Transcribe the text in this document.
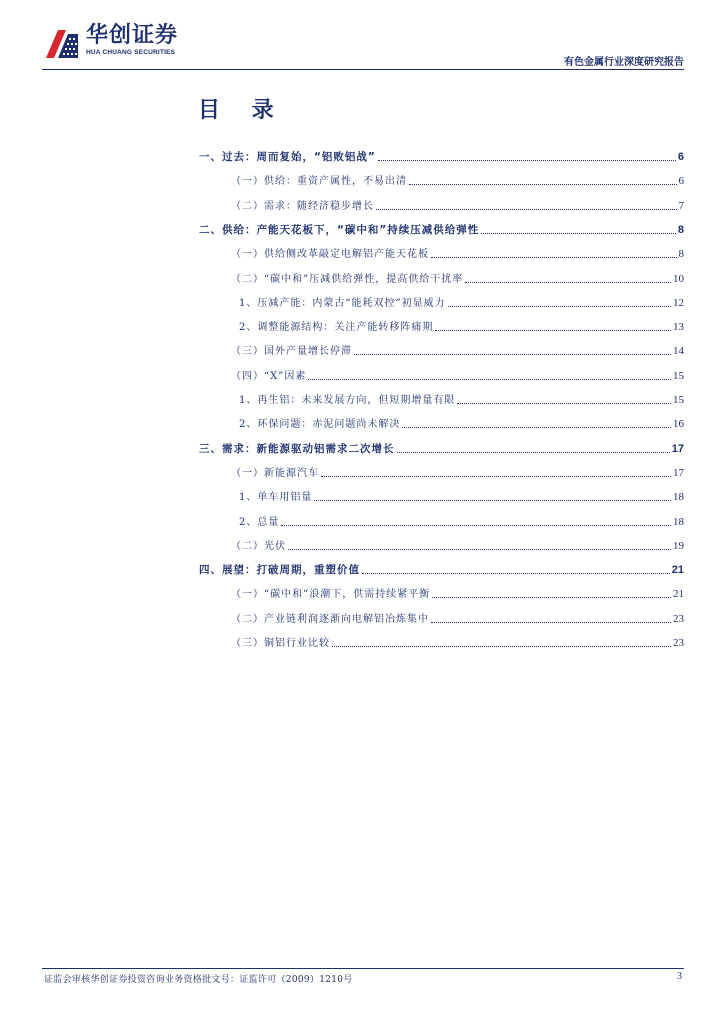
华创证券
HUA CHUANG SECURITIES
有色金属行业深度研究报告
目 录
一、过去：周而复始，“铝败铝战”	6
（一）供给：重资产属性，不易出清	6
（二）需求：随经济稳步增长	7
二、供给：产能天花板下，“碳中和”持续压减供给弹性	8
（一）供给侧改革敲定电解铝产能天花板	8
（二）“碳中和”压减供给弹性，提高供给干扰率	10
1、压减产能：内蒙古“能耗双控”初显威力	12
2、调整能源结构：关注产能转移阵痛期	13
（三）国外产量增长停滞	14
（四）“X”因素	15
1、再生铝：未来发展方向，但短期增量有限	15
2、环保问题：赤泥问题尚未解决	16
三、需求：新能源驱动铝需求二次增长	17
（一）新能源汽车	17
1、单车用铝量	18
2、总量	18
（二）光伏	19
四、展望：打破周期，重塑价值	21
（一）“碳中和”浪潮下，供需持续紧平衡	21
（二）产业链利润逐渐向电解铝冶炼集中	23
（三）铜铝行业比较	23
证监会审核华创证券投资咨询业务资格批文号：证监许可（2009）1210号	3
